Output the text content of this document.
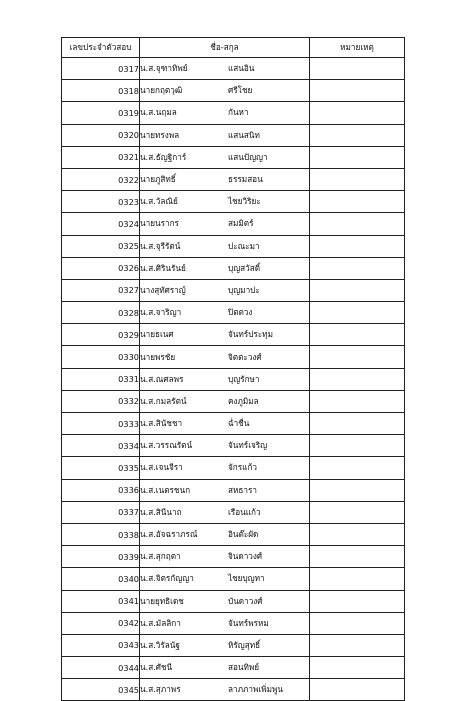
เลขประจำตัวสอบ	ชื่อ-สกุล	หมายเหตุ
0317	น.ส.จุฑาทิพย์ แสนอิน	
0318	นายกฤตวุฒิ ศรีโชย	
0319	น.ส.นฤมล กันหา	
0320	นายทรงพล แสนสนิท	
0321	น.ส.ธัญฐิการ์ แสนปัญญา	
0322	นายภูสิทธิ์ ธรรมสอน	
0323	น.ส.วัลณิย์ ไชยวิริยะ	
0324	นายนรากร สมมิตร์	
0325	น.ส.จุรีรัตน์ ปะณะมา	
0326	น.ส.ศิรินรันย์ บุญสวัสดิ์	
0327	นางสุทัศราญ์ บุญมาปะ	
0328	น.ส.จาริญา ปิตตวง	
0329	นายธเนศ จันทร์ประทุม	
0330	นายพรชัย จิตตะวงศ์	
0331	น.ส.ณศลพร บุญรักษา	
0332	น.ส.กมลรัตน์ คงภูมิมล	
0333	น.ส.สินัชชา ฉ่ำชื่น	
0334	น.ส.วรรณรัตน์ จันทร์เจริญ	
0335	น.ส.เจนจีรา จักรแก้ว	
0336	น.ส.เนตรชนก สหธารา	
0337	น.ส.สินีนาถ เรือนแก้ว	
0338	น.ส.อัจฉราภรณ์ อินต๊ะผัด	
0339	น.ส.สุกฤตา จินดาวงศ์	
0340	น.ส.จิตรกัญญา ไชยบุญทา	
0341	นายยุทธิเดช บันดาวงศ์	
0342	น.ส.มัลลิกา จันทร์พรหม	
0343	น.ส.วิรัลนัฐ หิรัญสุทธิ์	
0344	น.ส.ศัชนี สอนทิพย์	
0345	น.ส.สุภาพร ลาภภาพเพิ่มพูน	
